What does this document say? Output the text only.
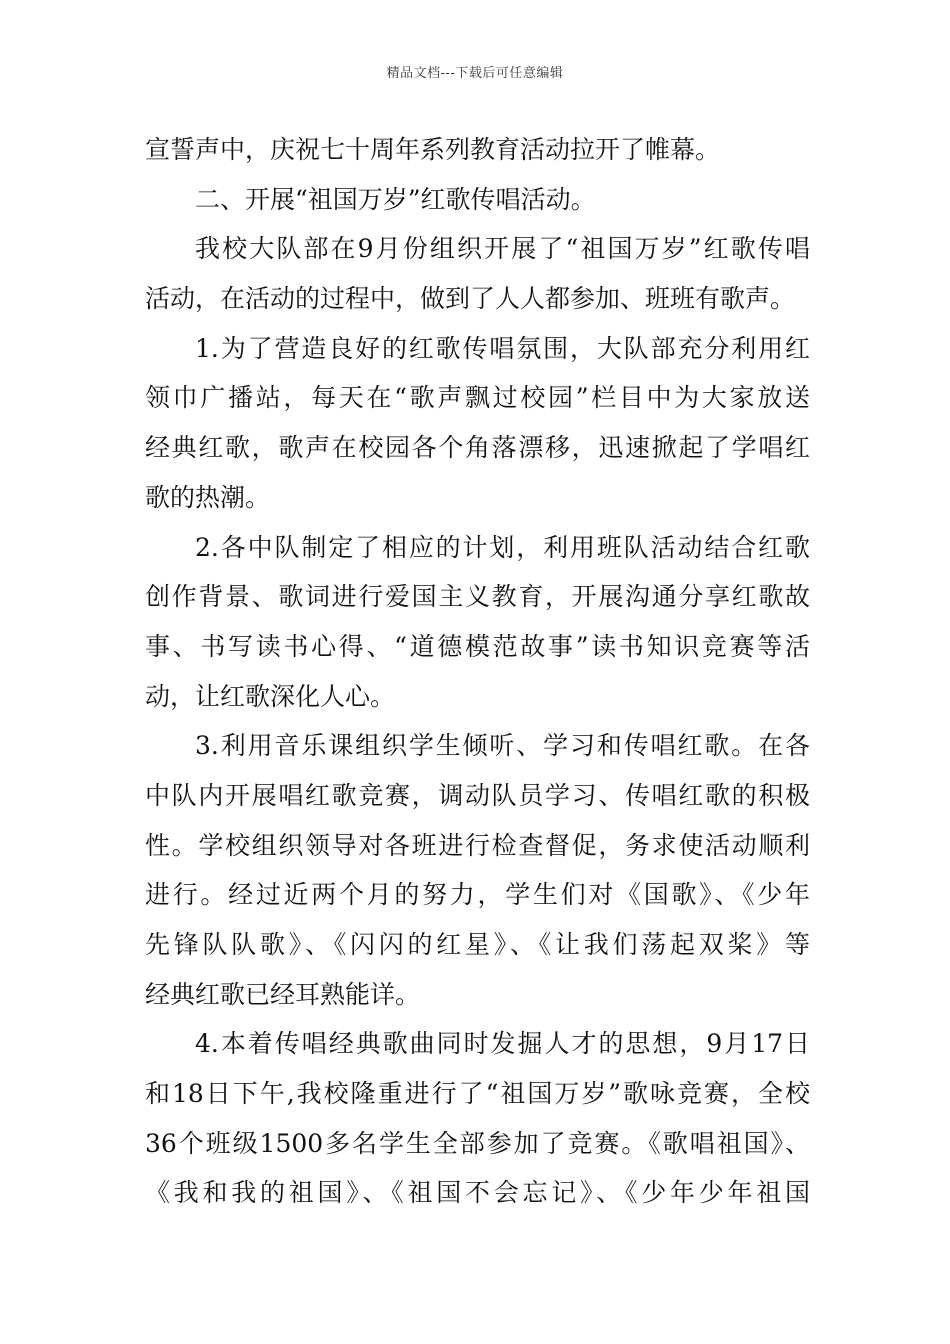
精品文档---下载后可任意编辑
宣誓声中，庆祝七十周年系列教育活动拉开了帷幕。
二、开展“祖国万岁”红歌传唱活动。
我校大队部在9月份组织开展了“祖国万岁”红歌传唱
活动，在活动的过程中，做到了人人都参加、班班有歌声。
1.为了营造良好的红歌传唱氛围，大队部充分利用红
领巾广播站，每天在“歌声飘过校园”栏目中为大家放送
经典红歌，歌声在校园各个角落漂移，迅速掀起了学唱红
歌的热潮。
2.各中队制定了相应的计划，利用班队活动结合红歌
创作背景、歌词进行爱国主义教育，开展沟通分享红歌故
事、书写读书心得、“道德模范故事”读书知识竞赛等活
动，让红歌深化人心。
3.利用音乐课组织学生倾听、学习和传唱红歌。在各
中队内开展唱红歌竞赛，调动队员学习、传唱红歌的积极
性。学校组织领导对各班进行检查督促，务求使活动顺利
进行。经过近两个月的努力，学生们对《国歌》、《少年
先锋队队歌》、《闪闪的红星》、《让我们荡起双桨》等
经典红歌已经耳熟能详。
4.本着传唱经典歌曲同时发掘人才的思想，9月17日
和18日下午,我校隆重进行了“祖国万岁”歌咏竞赛，全校
36个班级1500多名学生全部参加了竞赛。《歌唱祖国》、
《我和我的祖国》、《祖国不会忘记》、《少年少年祖国
